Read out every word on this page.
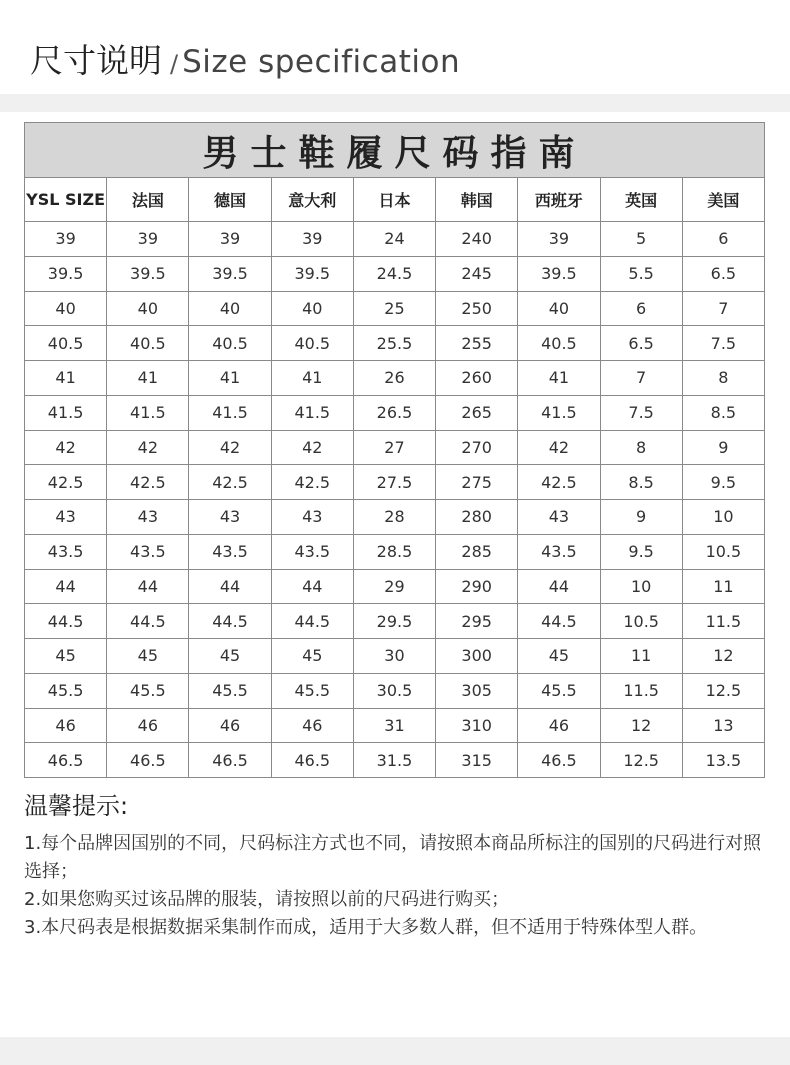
尺寸说明 / Size specification
男士鞋履尺码指南								
YSL SIZE	法国	德国	意大利	日本	韩国	西班牙	英国	美国
39	39	39	39	24	240	39	5	6
39.5	39.5	39.5	39.5	24.5	245	39.5	5.5	6.5
40	40	40	40	25	250	40	6	7
40.5	40.5	40.5	40.5	25.5	255	40.5	6.5	7.5
41	41	41	41	26	260	41	7	8
41.5	41.5	41.5	41.5	26.5	265	41.5	7.5	8.5
42	42	42	42	27	270	42	8	9
42.5	42.5	42.5	42.5	27.5	275	42.5	8.5	9.5
43	43	43	43	28	280	43	9	10
43.5	43.5	43.5	43.5	28.5	285	43.5	9.5	10.5
44	44	44	44	29	290	44	10	11
44.5	44.5	44.5	44.5	29.5	295	44.5	10.5	11.5
45	45	45	45	30	300	45	11	12
45.5	45.5	45.5	45.5	30.5	305	45.5	11.5	12.5
46	46	46	46	31	310	46	12	13
46.5	46.5	46.5	46.5	31.5	315	46.5	12.5	13.5
温馨提示:

1.每个品牌因国别的不同，尺码标注方式也不同，请按照本商品所标注的国别的尺码进行对照选择；

2.如果您购买过该品牌的服装，请按照以前的尺码进行购买；

3.本尺码表是根据数据采集制作而成，适用于大多数人群，但不适用于特殊体型人群。
